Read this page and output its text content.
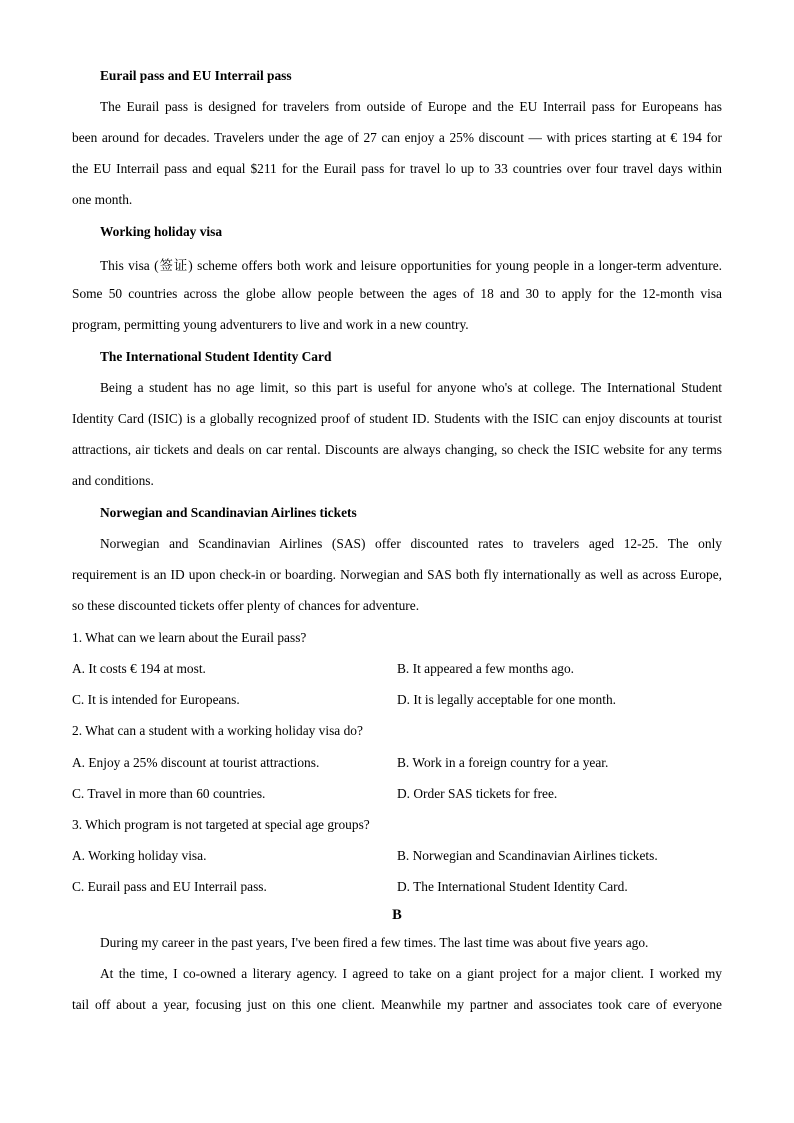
Eurail pass and EU Interrail pass
The Eurail pass is designed for travelers from outside of Europe and the EU Interrail pass for Europeans has
been around for decades. Travelers under the age of 27 can enjoy a 25% discount — with prices starting at € 194 for
the EU Interrail pass and equal $211 for the Eurail pass for travel lo up to 33 countries over four travel days within
one month.
Working holiday visa
This visa (签证) scheme offers both work and leisure opportunities for young people in a longer-term adventure.
Some 50 countries across the globe allow people between the ages of 18 and 30 to apply for the 12-month visa
program, permitting young adventurers to live and work in a new country.
The International Student Identity Card
Being a student has no age limit, so this part is useful for anyone who's at college. The International Student
Identity Card (ISIC) is a globally recognized proof of student ID. Students with the ISIC can enjoy discounts at tourist
attractions, air tickets and deals on car rental. Discounts are always changing, so check the ISIC website for any terms
and conditions.
Norwegian and Scandinavian Airlines tickets
Norwegian and Scandinavian Airlines (SAS) offer discounted rates to travelers aged 12-25. The only
requirement is an ID upon check-in or boarding. Norwegian and SAS both fly internationally as well as across Europe,
so these discounted tickets offer plenty of chances for adventure.
1. What can we learn about the Eurail pass?
A. It costs € 194 at most.	B. It appeared a few months ago.
C. It is intended for Europeans.	D. It is legally acceptable for one month.
2. What can a student with a working holiday visa do?
A. Enjoy a 25% discount at tourist attractions.	B. Work in a foreign country for a year.
C. Travel in more than 60 countries.	D. Order SAS tickets for free.
3. Which program is not targeted at special age groups?
A. Working holiday visa.	B. Norwegian and Scandinavian Airlines tickets.
C. Eurail pass and EU Interrail pass.	D. The International Student Identity Card.
B
During my career in the past years, I've been fired a few times. The last time was about five years ago.
At the time, I co-owned a literary agency. I agreed to take on a giant project for a major client. I worked my
tail off about a year, focusing just on this one client. Meanwhile my partner and associates took care of everyone
